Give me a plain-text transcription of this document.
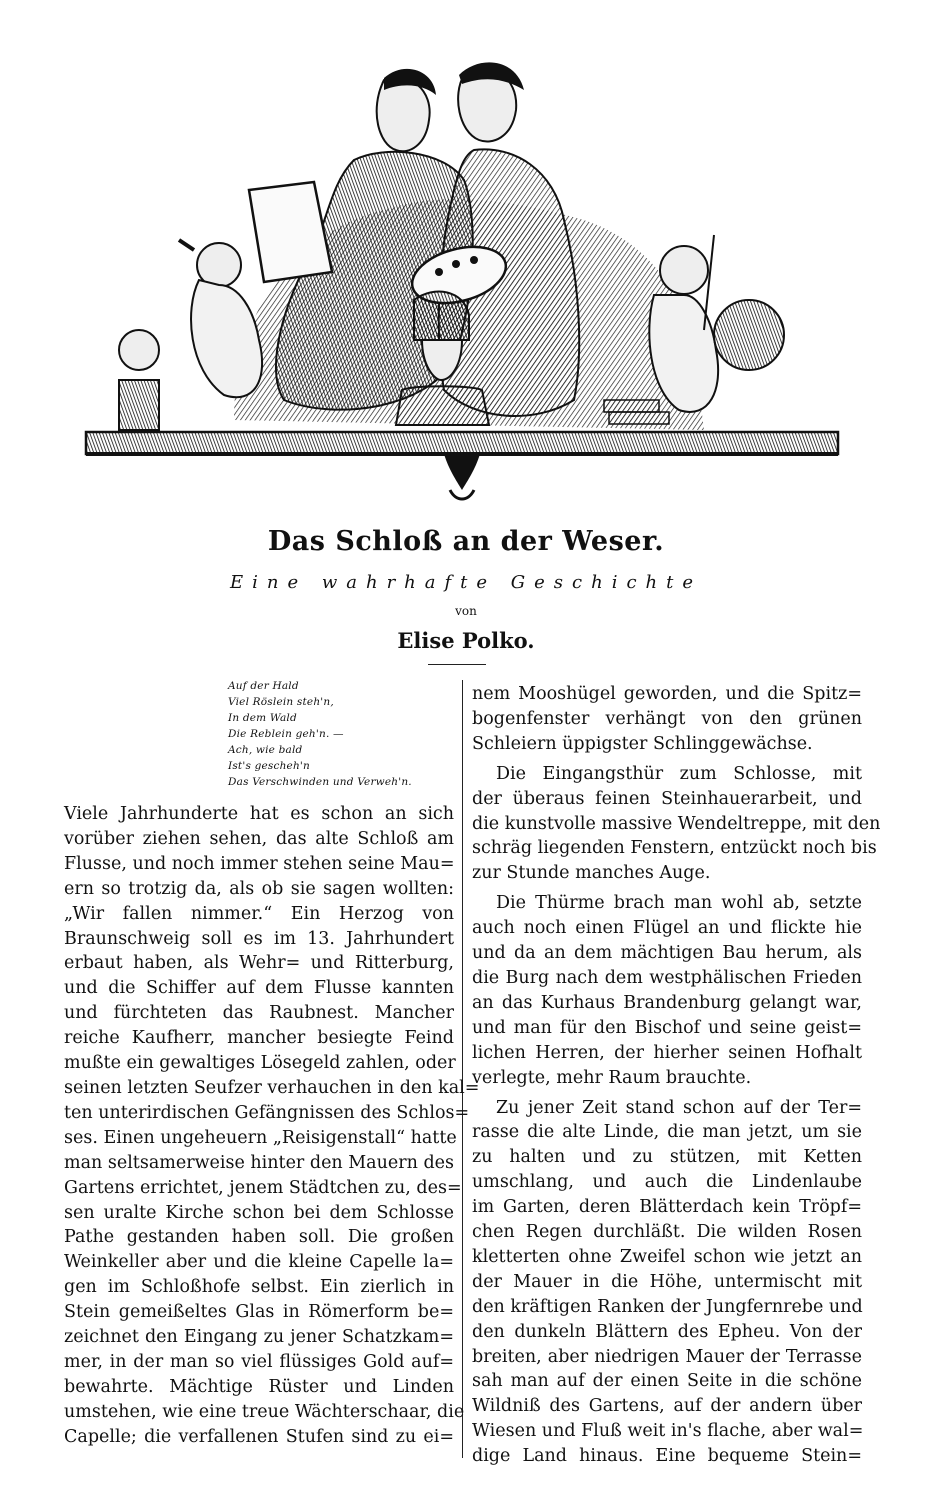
Das Schloß an der Weser.
Eine wahrhafte Geschichte
von
Elise Polko.
Auf der Hald
Viel Röslein steh'n,
In dem Wald
Die Reblein geh'n. —
Ach, wie bald
Ist's gescheh'n
Das Verschwinden und Verweh'n.
Viele Jahrhunderte hat es schon an sich
vorüber ziehen sehen, das alte Schloß am
Flusse, und noch immer stehen seine Mau=
ern so trotzig da, als ob sie sagen wollten:
„Wir fallen nimmer.“ Ein Herzog von
Braunschweig soll es im 13. Jahrhundert
erbaut haben, als Wehr= und Ritterburg,
und die Schiffer auf dem Flusse kannten
und fürchteten das Raubnest. Mancher
reiche Kaufherr, mancher besiegte Feind
mußte ein gewaltiges Lösegeld zahlen, oder
seinen letzten Seufzer verhauchen in den kal=
ten unterirdischen Gefängnissen des Schlos=
ses. Einen ungeheuern „Reisigenstall“ hatte
man seltsamerweise hinter den Mauern des
Gartens errichtet, jenem Städtchen zu, des=
sen uralte Kirche schon bei dem Schlosse
Pathe gestanden haben soll. Die großen
Weinkeller aber und die kleine Capelle la=
gen im Schloßhofe selbst. Ein zierlich in
Stein gemeißeltes Glas in Römerform be=
zeichnet den Eingang zu jener Schatzkam=
mer, in der man so viel flüssiges Gold auf=
bewahrte. Mächtige Rüster und Linden
umstehen, wie eine treue Wächterschaar, die
Capelle; die verfallenen Stufen sind zu ei=
nem Mooshügel geworden, und die Spitz=
bogenfenster verhängt von den grünen
Schleiern üppigster Schlinggewächse.
Die Eingangsthür zum Schlosse, mit
der überaus feinen Steinhauerarbeit, und
die kunstvolle massive Wendeltreppe, mit den
schräg liegenden Fenstern, entzückt noch bis
zur Stunde manches Auge.
Die Thürme brach man wohl ab, setzte
auch noch einen Flügel an und flickte hie
und da an dem mächtigen Bau herum, als
die Burg nach dem westphälischen Frieden
an das Kurhaus Brandenburg gelangt war,
und man für den Bischof und seine geist=
lichen Herren, der hierher seinen Hofhalt
verlegte, mehr Raum brauchte.
Zu jener Zeit stand schon auf der Ter=
rasse die alte Linde, die man jetzt, um sie
zu halten und zu stützen, mit Ketten
umschlang, und auch die Lindenlaube
im Garten, deren Blätterdach kein Tröpf=
chen Regen durchläßt. Die wilden Rosen
kletterten ohne Zweifel schon wie jetzt an
der Mauer in die Höhe, untermischt mit
den kräftigen Ranken der Jungfernrebe und
den dunkeln Blättern des Epheu. Von der
breiten, aber niedrigen Mauer der Terrasse
sah man auf der einen Seite in die schöne
Wildniß des Gartens, auf der andern über
Wiesen und Fluß weit in's flache, aber wal=
dige Land hinaus. Eine bequeme Stein=
